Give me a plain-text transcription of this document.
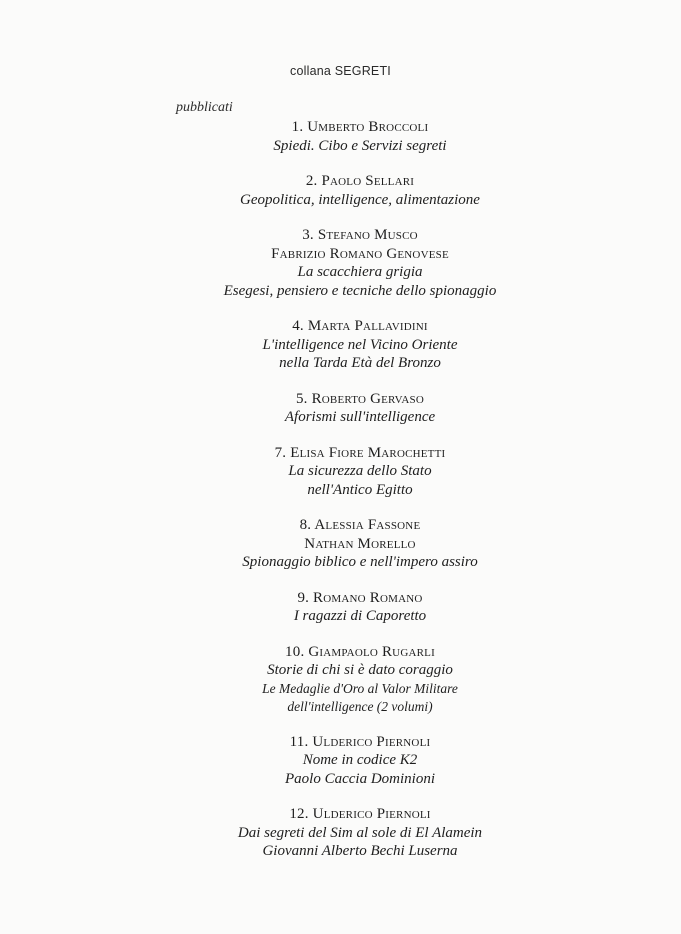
collana SEGRETI
pubblicati
1. Umberto Broccoli
Spiedi. Cibo e Servizi segreti
2. Paolo Sellari
Geopolitica, intelligence, alimentazione
3. Stefano Musco
Fabrizio Romano Genovese
La scacchiera grigia
Esegesi, pensiero e tecniche dello spionaggio
4. Marta Pallavidini
L'intelligence nel Vicino Oriente
nella Tarda Età del Bronzo
5. Roberto Gervaso
Aforismi sull'intelligence
7. Elisa Fiore Marochetti
La sicurezza dello Stato
nell'Antico Egitto
8. Alessia Fassone
Nathan Morello
Spionaggio biblico e nell'impero assiro
9. Romano Romano
I ragazzi di Caporetto
10. Giampaolo Rugarli
Storie di chi si è dato coraggio
Le Medaglie d'Oro al Valor Militare
dell'intelligence (2 volumi)
11. Ulderico Piernoli
Nome in codice K2
Paolo Caccia Dominioni
12. Ulderico Piernoli
Dai segreti del Sim al sole di El Alamein
Giovanni Alberto Bechi Luserna
